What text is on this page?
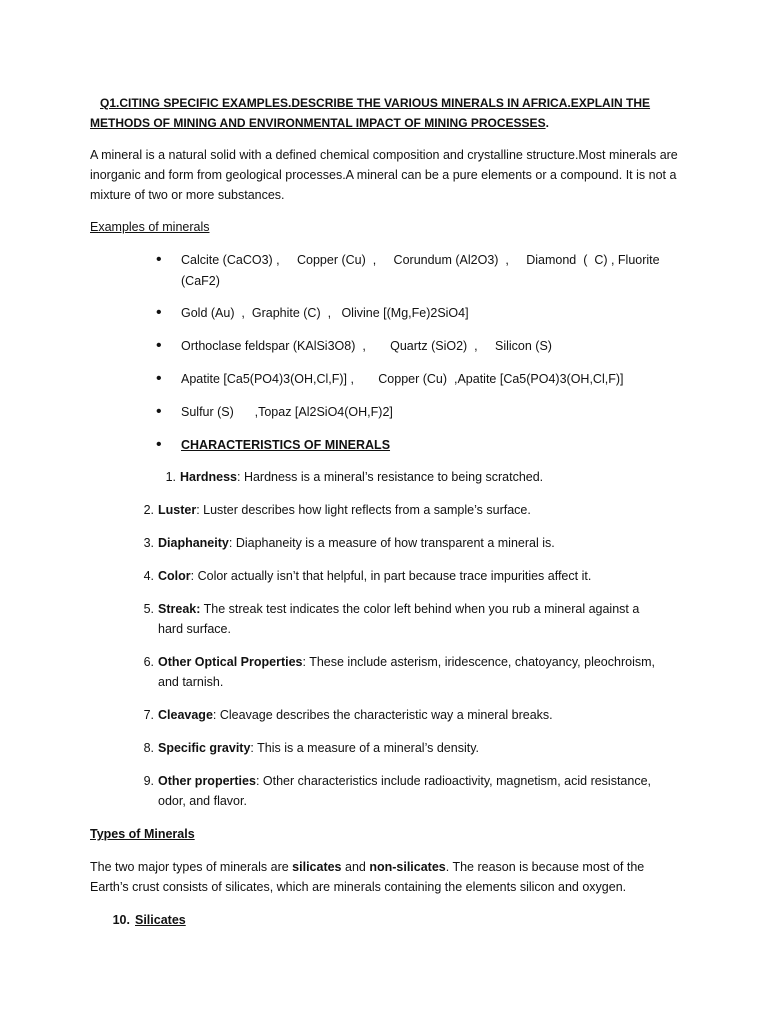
Q1.CITING SPECIFIC EXAMPLES.DESCRIBE THE VARIOUS MINERALS IN AFRICA.EXPLAIN THE
METHODS OF MINING AND ENVIRONMENTAL IMPACT OF MINING PROCESSES.
A mineral is a natural solid with a defined chemical composition and crystalline structure.Most minerals are inorganic and form from geological processes.A mineral can be a pure elements or a compound. It is not a mixture of two or more substances.
Examples of minerals
• Calcite (CaCO3) ,     Copper (Cu)  ,     Corundum (Al2O3)  ,     Diamond  (  C) , Fluorite (CaF2)
• Gold (Au)  ,  Graphite (C)  ,   Olivine [(Mg,Fe)2SiO4]
• Orthoclase feldspar (KAlSi3O8)  ,       Quartz (SiO2)  ,     Silicon (S)
• Apatite [Ca5(PO4)3(OH,Cl,F)] ,       Copper (Cu)  ,Apatite [Ca5(PO4)3(OH,Cl,F)]
• Sulfur (S)      ,Topaz [Al2SiO4(OH,F)2]
• CHARACTERISTICS OF MINERALS
1. Hardness: Hardness is a mineral’s resistance to being scratched.
2. Luster: Luster describes how light reflects from a sample’s surface.
3. Diaphaneity: Diaphaneity is a measure of how transparent a mineral is.
4. Color: Color actually isn’t that helpful, in part because trace impurities affect it.
5. Streak: The streak test indicates the color left behind when you rub a mineral against a hard surface.
6. Other Optical Properties: These include asterism, iridescence, chatoyancy, pleochroism, and tarnish.
7. Cleavage: Cleavage describes the characteristic way a mineral breaks.
8. Specific gravity: This is a measure of a mineral’s density.
9. Other properties: Other characteristics include radioactivity, magnetism, acid resistance, odor, and flavor.
Types of Minerals
The two major types of minerals are silicates and non-silicates. The reason is because most of the Earth’s crust consists of silicates, which are minerals containing the elements silicon and oxygen.
10. Silicates
